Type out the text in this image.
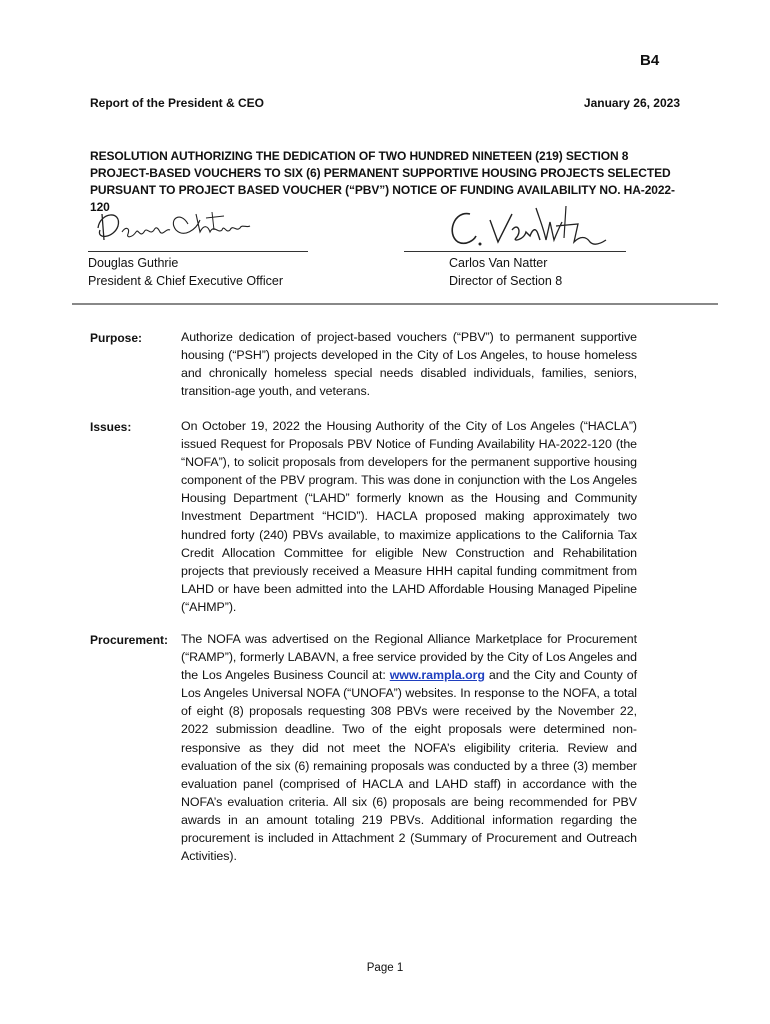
B4
Report of the President & CEO	January 26, 2023
RESOLUTION AUTHORIZING THE DEDICATION OF TWO HUNDRED NINETEEN (219) SECTION 8 PROJECT-BASED VOUCHERS TO SIX (6) PERMANENT SUPPORTIVE HOUSING PROJECTS SELECTED PURSUANT TO PROJECT BASED VOUCHER (“PBV”) NOTICE OF FUNDING AVAILABILITY NO. HA-2022-120
Douglas Guthrie
President & Chief Executive Officer
Carlos Van Natter
Director of Section 8
Purpose:	Authorize dedication of project-based vouchers (“PBV”) to permanent supportive housing (“PSH”) projects developed in the City of Los Angeles, to house homeless and chronically homeless special needs disabled individuals, families, seniors, transition-age youth, and veterans.
Issues:	On October 19, 2022 the Housing Authority of the City of Los Angeles (“HACLA”) issued Request for Proposals PBV Notice of Funding Availability HA-2022-120 (the “NOFA”), to solicit proposals from developers for the permanent supportive housing component of the PBV program. This was done in conjunction with the Los Angeles Housing Department (“LAHD” formerly known as the Housing and Community Investment Department “HCID”). HACLA proposed making approximately two hundred forty (240) PBVs available, to maximize applications to the California Tax Credit Allocation Committee for eligible New Construction and Rehabilitation projects that previously received a Measure HHH capital funding commitment from LAHD or have been admitted into the LAHD Affordable Housing Managed Pipeline (“AHMP”).
Procurement: The NOFA was advertised on the Regional Alliance Marketplace for Procurement (“RAMP”), formerly LABAVN, a free service provided by the City of Los Angeles and the Los Angeles Business Council at: www.rampla.org and the City and County of Los Angeles Universal NOFA (“UNOFA”) websites. In response to the NOFA, a total of eight (8) proposals requesting 308 PBVs were received by the November 22, 2022 submission deadline. Two of the eight proposals were determined non-responsive as they did not meet the NOFA’s eligibility criteria. Review and evaluation of the six (6) remaining proposals was conducted by a three (3) member evaluation panel (comprised of HACLA and LAHD staff) in accordance with the NOFA’s evaluation criteria. All six (6) proposals are being recommended for PBV awards in an amount totaling 219 PBVs. Additional information regarding the procurement is included in Attachment 2 (Summary of Procurement and Outreach Activities).
Page 1
